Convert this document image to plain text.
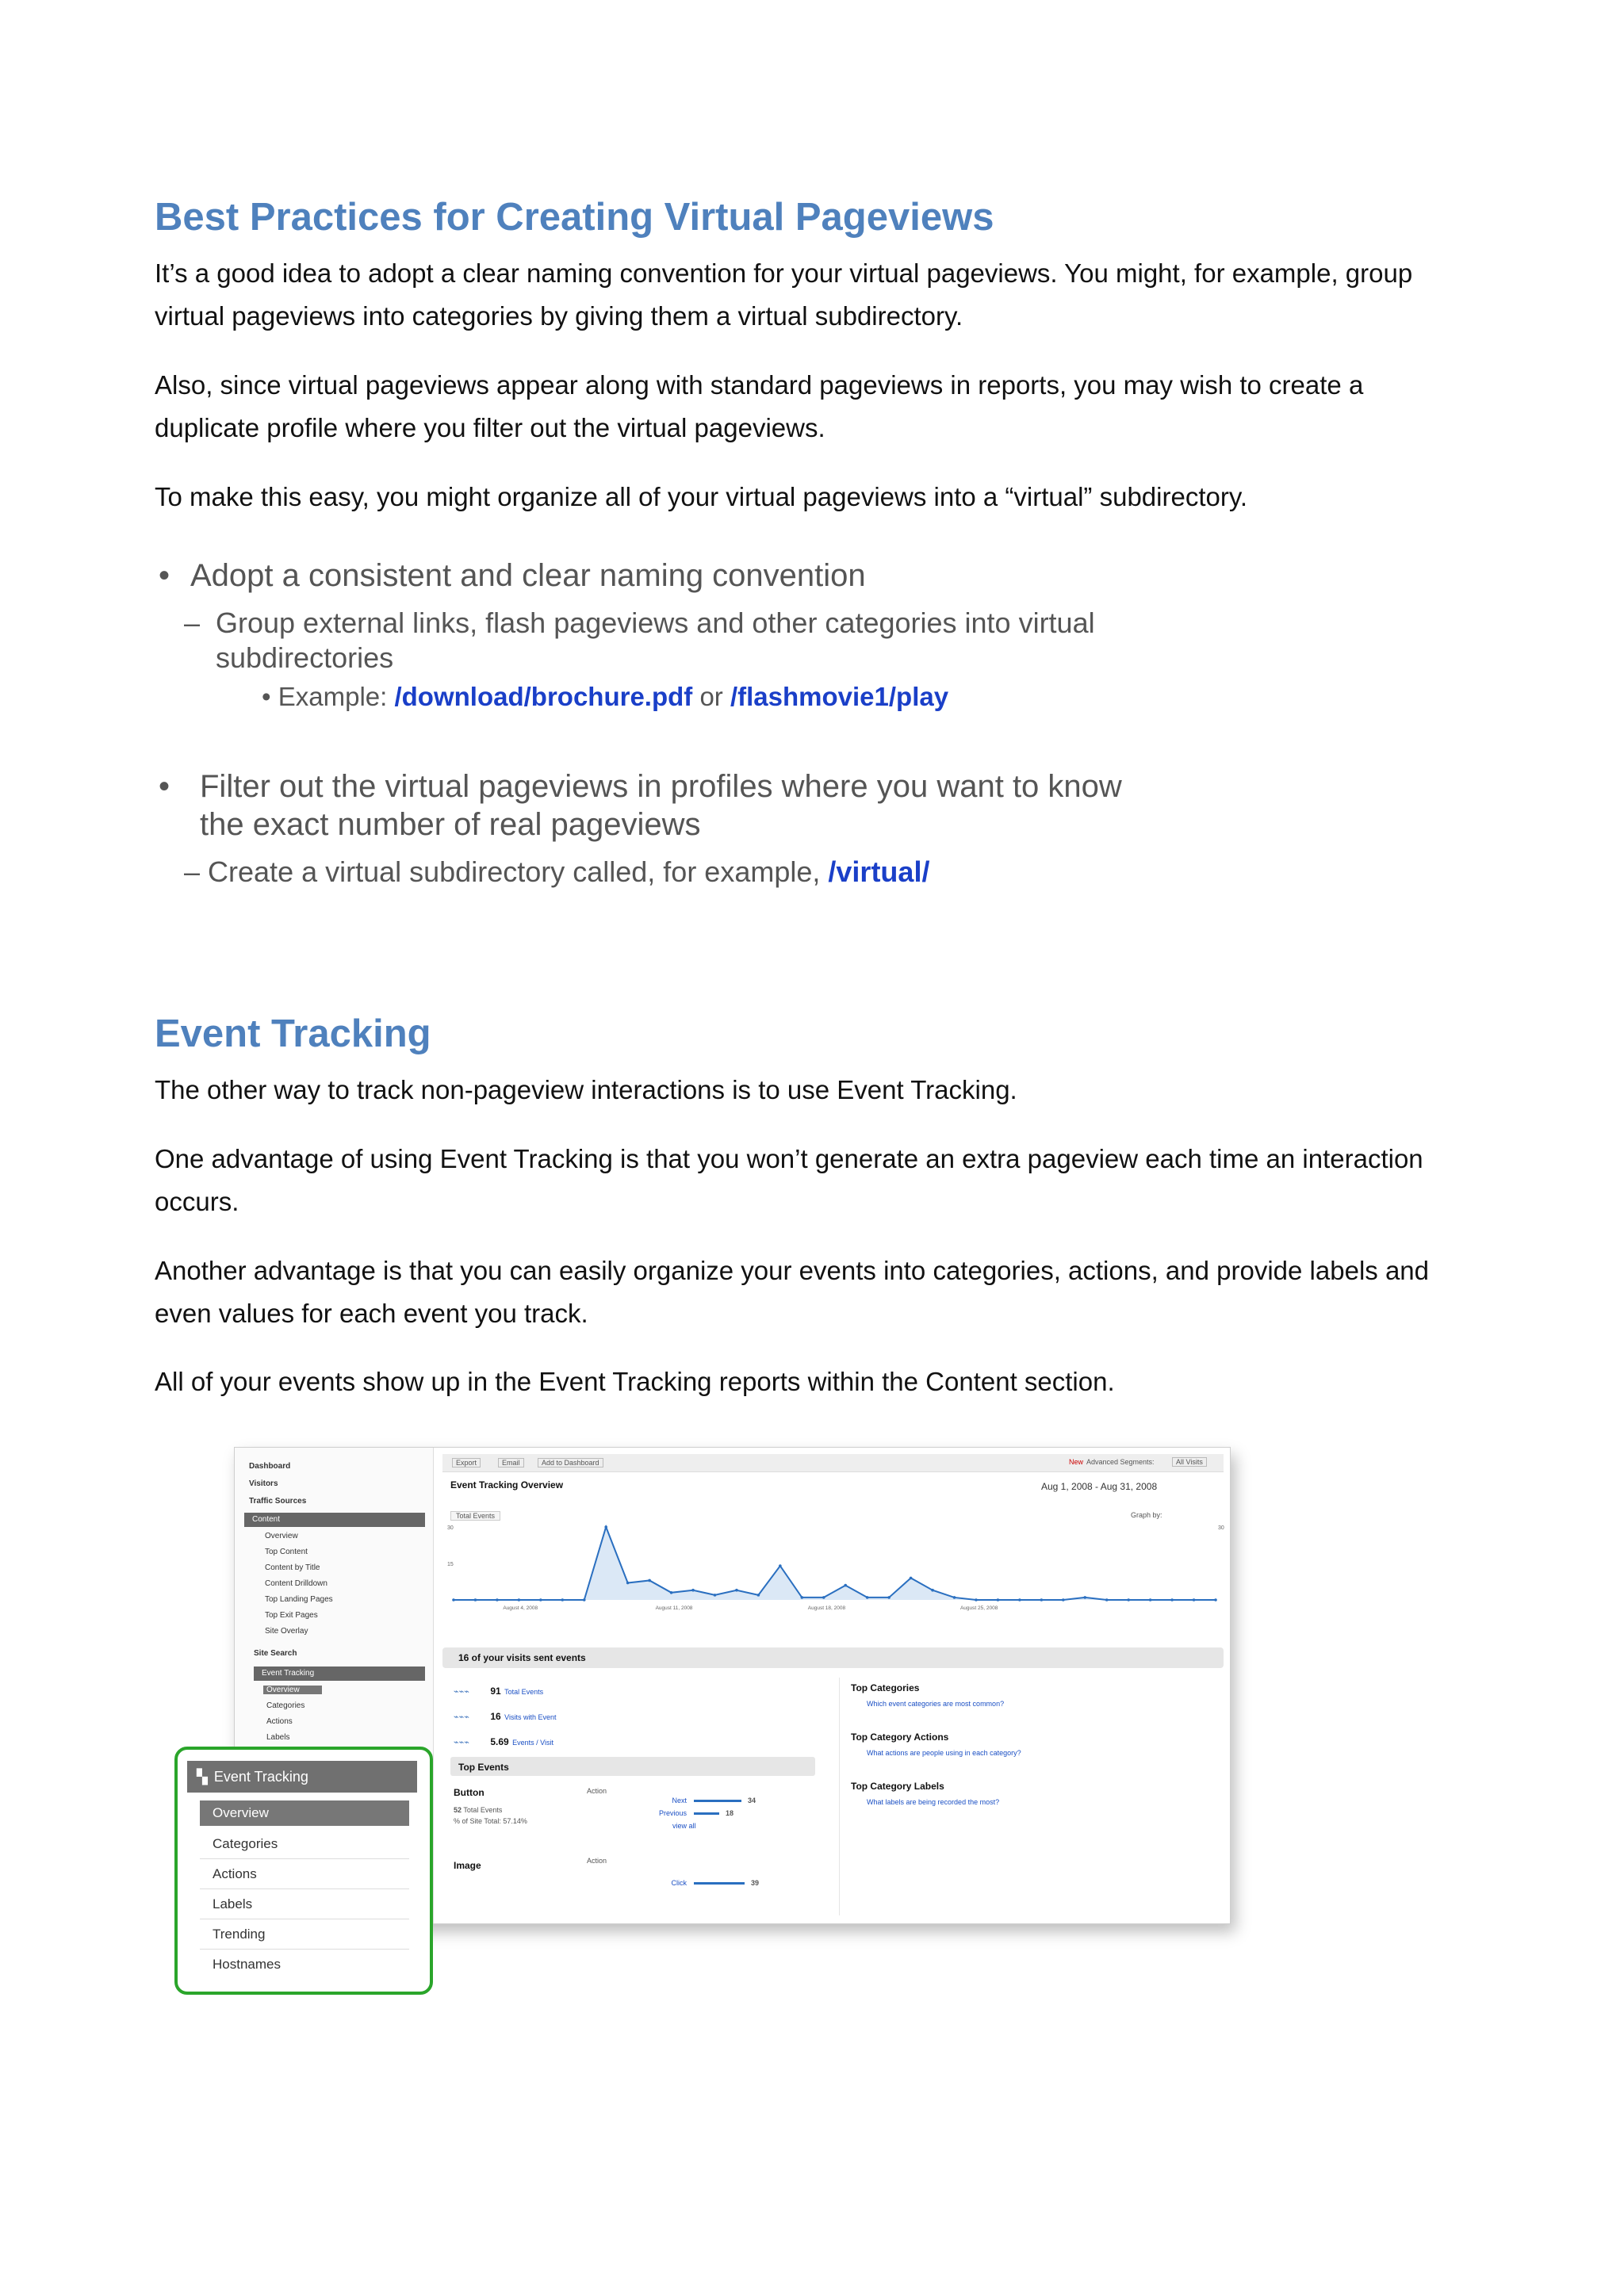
Best Practices for Creating Virtual Pageviews

It’s a good idea to adopt a clear naming convention for your virtual pageviews. You might, for example, group virtual pageviews into categories by giving them a virtual subdirectory.

Also, since virtual pageviews appear along with standard pageviews in reports, you may wish to create a duplicate profile where you filter out the virtual pageviews.

To make this easy, you might organize all of your virtual pageviews into a “virtual” subdirectory.

• Adopt a consistent and clear naming convention
– Group external links, flash pageviews and other categories into virtual subdirectories
• Example: /download/brochure.pdf or /flashmovie1/play
• Filter out the virtual pageviews in profiles where you want to know the exact number of real pageviews
– Create a virtual subdirectory called, for example, /virtual/
Event Tracking

The other way to track non-pageview interactions is to use Event Tracking.

One advantage of using Event Tracking is that you won’t generate an extra pageview each time an interaction occurs.

Another advantage is that you can easily organize your events into categories, actions, and provide labels and even values for each event you track.

All of your events show up in the Event Tracking reports within the Content section.

Dashboard
Visitors
Traffic Sources
Content
Overview
Top Content
Content by Title
Content Drilldown
Top Landing Pages
Top Exit Pages
Site Overlay
Site Search
Event Tracking
Overview
Categories
Actions
Labels
Export	Email	Add to Dashboard	New Advanced Segments:	All Visits
Event Tracking Overview	Aug 1, 2008 - Aug 31, 2008
Total Events	Graph by:
30
15
30
August 4, 2008	August 11, 2008	August 18, 2008	August 25, 2008
16 of your visits sent events
⌁⌁⌁ 91 Total Events
⌁⌁⌁ 16 Visits with Event
⌁⌁⌁ 5.69 Events / Visit
Top Events
Button	Action
52 Total Events
% of Site Total: 57.14%
Next	34
Previous	18
view all
Image	Action
Click	39
Top Categories
Which event categories are most common?
Top Category Actions
What actions are people using in each category?
Top Category Labels
What labels are being recorded the most?
▚ Event Tracking
Overview
Categories
Actions
Labels
Trending
Hostnames
